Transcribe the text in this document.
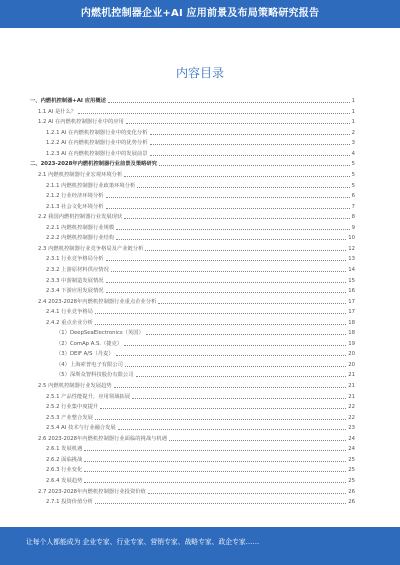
内燃机控制器企业+AI 应用前景及布局策略研究报告
内容目录
一、内燃机控制器+AI 应用概述	1
1.1 AI 是什么？	1
1.2 AI 在内燃机控制器行业中的应用	1
1.2.1 AI 在内燃机控制器行业中的变化分析	2
1.2.2 AI 在内燃机控制器行业中的优势分析	3
1.2.3 AI 在内燃机控制器行业中的发展前景	4
二、2023-2028年内燃机控制器行业前景及策略研究	5
2.1 内燃机控制器行业宏观环境分析	5
2.1.1 内燃机控制器行业政策环境分析	5
2.1.2 行业经济环境分析	6
2.1.3 社会文化环境分析	7
2.2 我国内燃机控制器行业发展现状	8
2.2.1 内燃机控制器行业规模	9
2.2.2 内燃机控制器行业结构	10
2.3 内燃机控制器行业竞争格局及产业链分析	12
2.3.1 行业竞争格局分析	13
2.3.2 上游原材料供应情况	14
2.3.3 中游制造发展情况	15
2.3.4 下游应用发展情况	16
2.4 2023-2028年内燃机控制器行业重点企业分析	17
2.4.1 行业竞争格局	17
2.4.2 重点企业分析	18
（1）DeepSeaElectronics（英国）	18
（2）ComAp A.S.（捷克）	19
（3）DEIF A/S（丹麦）	20
（4）上海索普电子有限公司	20
（5）深圳众智科技股份有限公司	21
2.5 内燃机控制器行业发展趋势	21
2.5.1 产品性能提升，应用领域拓展	21
2.5.2 行业集中度提升	22
2.5.3 产业整合发展	22
2.5.4 AI 技术与行业融合发展	23
2.6 2023-2028年内燃机控制器行业面临的挑战与机遇	24
2.6.1 发展机遇	24
2.6.2 面临挑战	25
2.6.3 行业变化	25
2.6.4 发展趋势	25
2.7 2023-2028年内燃机控制器行业投资价值	26
2.7.1 投资价值分析	26
让每个人都能成为 企业专家、行业专家、营销专家、战略专家、政企专家……
